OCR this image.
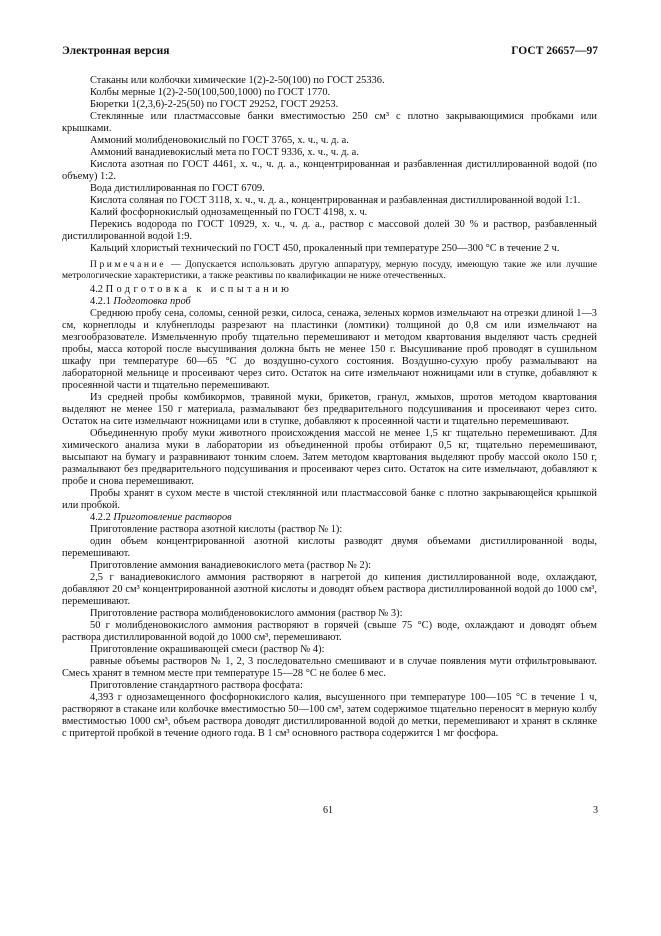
Электронная версия	ГОСТ 26657—97

Стаканы или колбочки химические 1(2)-2-50(100) по ГОСТ 25336.

Колбы мерные 1(2)-2-50(100,500,1000) по ГОСТ 1770.

Бюретки 1(2,3,6)-2-25(50) по ГОСТ 29252, ГОСТ 29253.

Стеклянные или пластмассовые банки вместимостью 250 см³ с плотно закрывающимися пробками или крышками.

Аммоний молибденовокислый по ГОСТ 3765, х. ч., ч. д. а.

Аммоний ванадиевокислый мета по ГОСТ 9336, х. ч., ч. д. а.

Кислота азотная по ГОСТ 4461, х. ч., ч. д. а., концентрированная и разбавленная дистиллированной водой (по объему) 1:2.

Вода дистиллированная по ГОСТ 6709.

Кислота соляная по ГОСТ 3118, х. ч., ч. д. а., концентрированная и разбавленная дистиллированной водой 1:1.

Калий фосфорнокислый однозамещенный по ГОСТ 4198, х. ч.

Перекись водорода по ГОСТ 10929, х. ч., ч. д. а., раствор с массовой долей 30 % и раствор, разбавленный дистиллированной водой 1:9.

Кальций хлористый технический по ГОСТ 450, прокаленный при температуре 250—300 °С в течение 2 ч.

Примечание — Допускается использовать другую аппаратуру, мерную посуду, имеющую такие же или лучшие метрологические характеристики, а также реактивы по квалификации не ниже отечественных.

4.2 Подготовка к испытанию

4.2.1 Подготовка проб

Среднюю пробу сена, соломы, сенной резки, силоса, сенажа, зеленых кормов измельчают на отрезки длиной 1—3 см, корнеплоды и клубнеплоды разрезают на пластинки (ломтики) толщиной до 0,8 см или измельчают на мезгообразователе. Измельченную пробу тщательно перемешивают и методом квартования выделяют часть средней пробы, масса которой после высушивания должна быть не менее 150 г. Высушивание проб проводят в сушильном шкафу при температуре 60—65 °С до воздушно-сухого состояния. Воздушно-сухую пробу размалывают на лабораторной мельнице и просеивают через сито. Остаток на сите измельчают ножницами или в ступке, добавляют к просеянной части и тщательно перемешивают.

Из средней пробы комбикормов, травяной муки, брикетов, гранул, жмыхов, шротов методом квартования выделяют не менее 150 г материала, размалывают без предварительного подсушивания и просеивают через сито. Остаток на сите измельчают ножницами или в ступке, добавляют к просеянной части и тщательно перемешивают.

Объединенную пробу муки животного происхождения массой не менее 1,5 кг тщательно перемешивают. Для химического анализа муки в лаборатории из объединенной пробы отбирают 0,5 кг, тщательно перемешивают, высыпают на бумагу и разравнивают тонким слоем. Затем методом квартования выделяют пробу массой около 150 г, размалывают без предварительного подсушивания и просеивают через сито. Остаток на сите измельчают, добавляют к пробе и снова перемешивают.

Пробы хранят в сухом месте в чистой стеклянной или пластмассовой банке с плотно закрывающейся крышкой или пробкой.

4.2.2 Приготовление растворов

Приготовление раствора азотной кислоты (раствор № 1):

один объем концентрированной азотной кислоты разводят двумя объемами дистиллированной воды, перемешивают.

Приготовление аммония ванадиевокислого мета (раствор № 2):

2,5 г ванадиевокислого аммония растворяют в нагретой до кипения дистиллированной воде, охлаждают, добавляют 20 см³ концентрированной азотной кислоты и доводят объем раствора дистиллированной водой до 1000 см³, перемешивают.

Приготовление раствора молибденовокислого аммония (раствор № 3):

50 г молибденовокислого аммония растворяют в горячей (свыше 75 °С) воде, охлаждают и доводят объем раствора дистиллированной водой до 1000 см³, перемешивают.

Приготовление окрашивающей смеси (раствор № 4):

равные объемы растворов № 1, 2, 3 последовательно смешивают и в случае появления мути отфильтровывают. Смесь хранят в темном месте при температуре 15—28 °С не более 6 мес.

Приготовление стандартного раствора фосфата:

4,393 г однозамещенного фосфорнокислого калия, высушенного при температуре 100—105 °С в течение 1 ч, растворяют в стакане или колбочке вместимостью 50—100 см³, затем содержимое тщательно переносят в мерную колбу вместимостью 1000 см³, объем раствора доводят дистиллированной водой до метки, перемешивают и хранят в склянке с притертой пробкой в течение одного года. В 1 см³ основного раствора содержится 1 мг фосфора.

61	3
